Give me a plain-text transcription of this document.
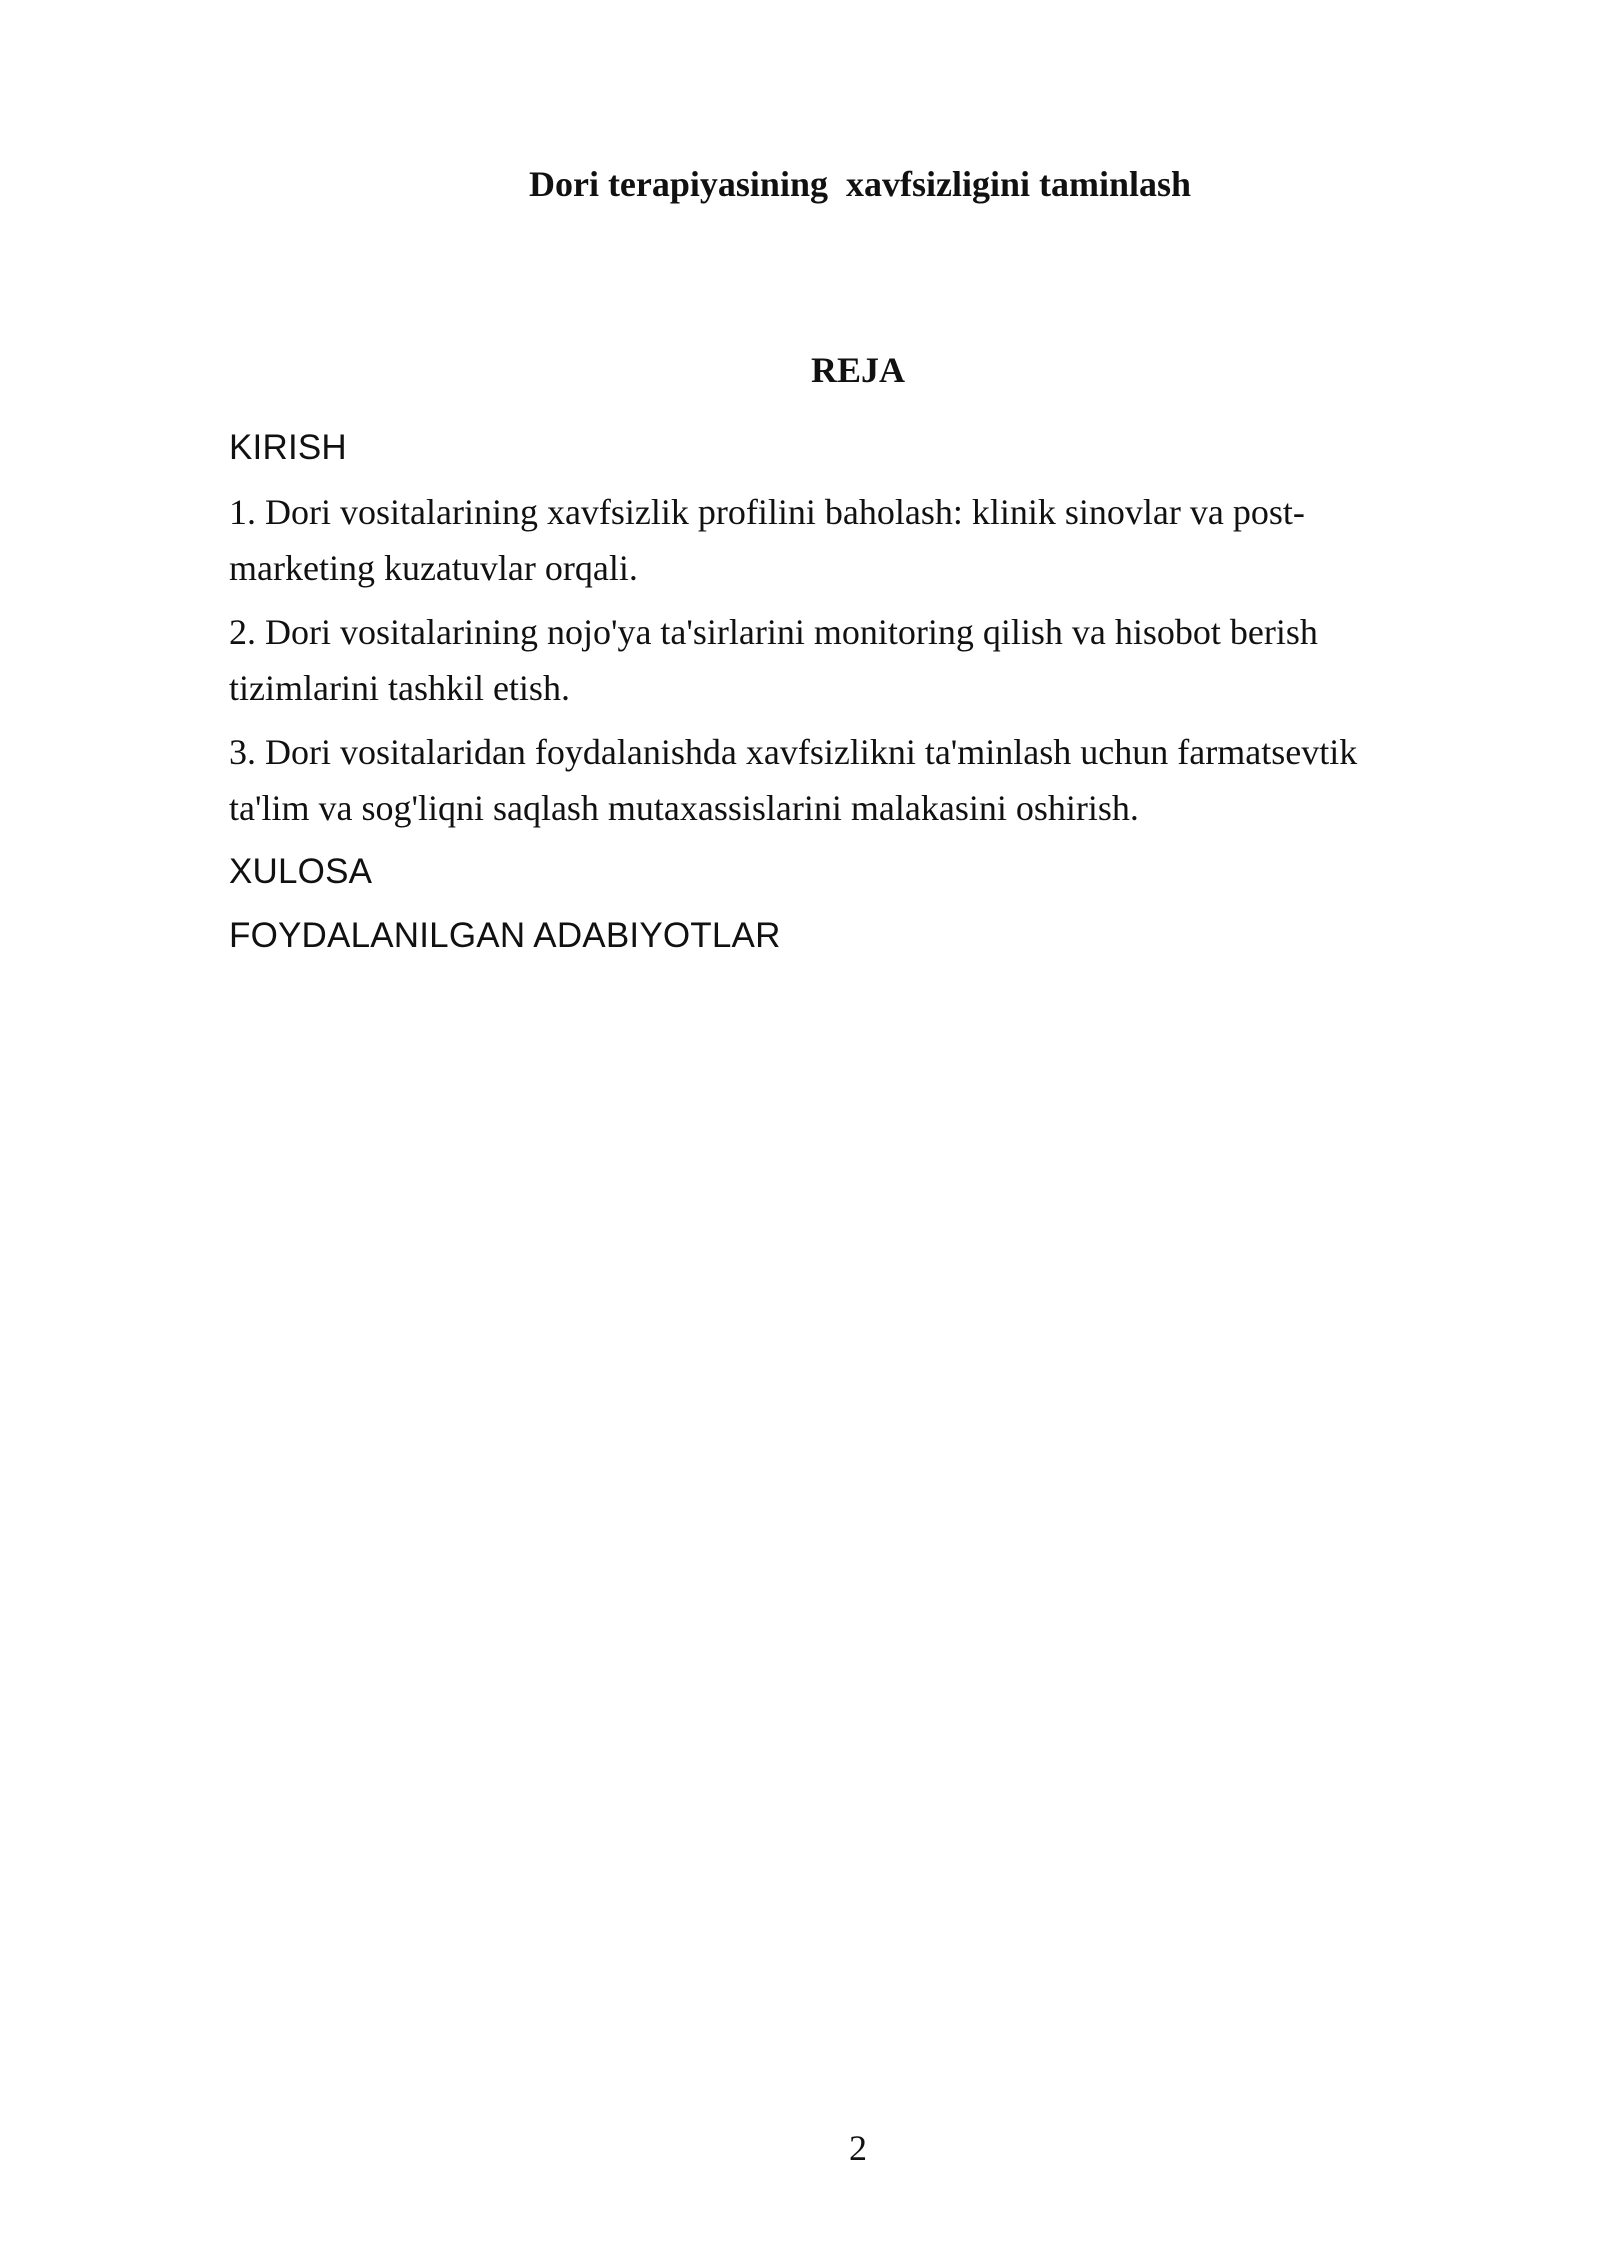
Dori terapiyasining  xavfsizligini taminlash
REJA

KIRISH

1. Dori vositalarining xavfsizlik profilini baholash: klinik sinovlar va post-marketing kuzatuvlar orqali.

2. Dori vositalarining nojo'ya ta'sirlarini monitoring qilish va hisobot berish tizimlarini tashkil etish.

3. Dori vositalaridan foydalanishda xavfsizlikni ta'minlash uchun farmatsevtik ta'lim va sog'liqni saqlash mutaxassislarini malakasini oshirish.

XULOSA

FOYDALANILGAN ADABIYOTLAR

2
